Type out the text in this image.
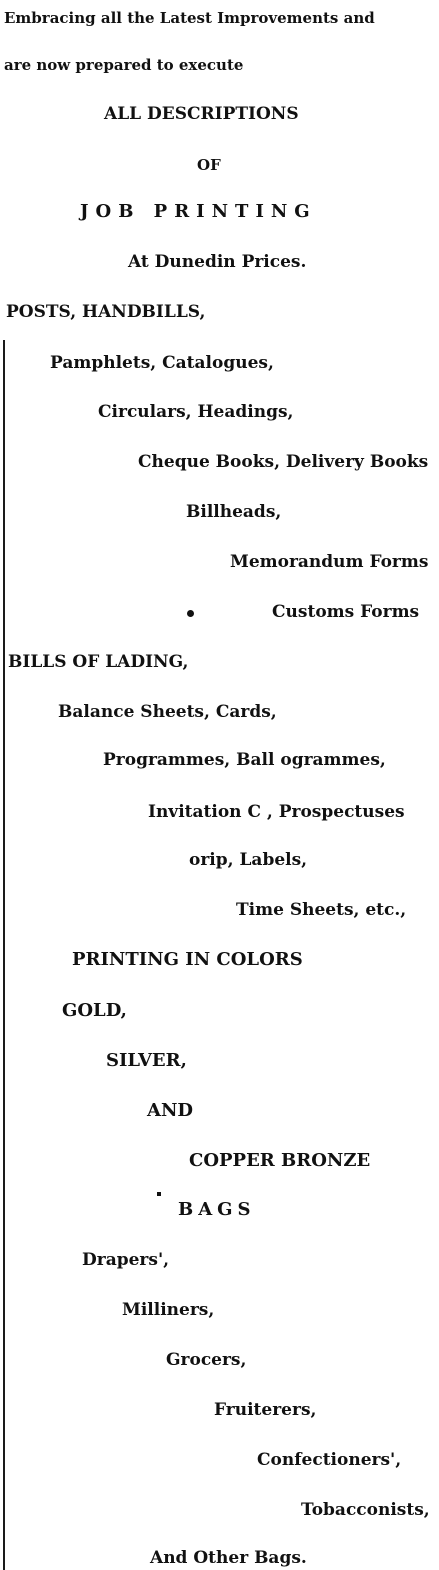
Embracing all the Latest Improvements and
are now prepared to execute
ALL DESCRIPTIONS
OF
JOB PRINTING
At Dunedin Prices.
POSTS, HANDBILLS,
Pamphlets, Catalogues,
Circulars, Headings,
Cheque Books, Delivery Books
Billheads,
Memorandum Forms
Customs Forms
BILLS OF LADING,
Balance Sheets, Cards,
Programmes, Ball ogrammes,
Invitation C , Prospectuses
orip, Labels,
Time Sheets, etc.,
PRINTING IN COLORS
GOLD,
SILVER,
AND
COPPER BRONZE
BAGS
Drapers',
Milliners,
Grocers,
Fruiterers,
Confectioners',
Tobacconists,
And Other Bags.
